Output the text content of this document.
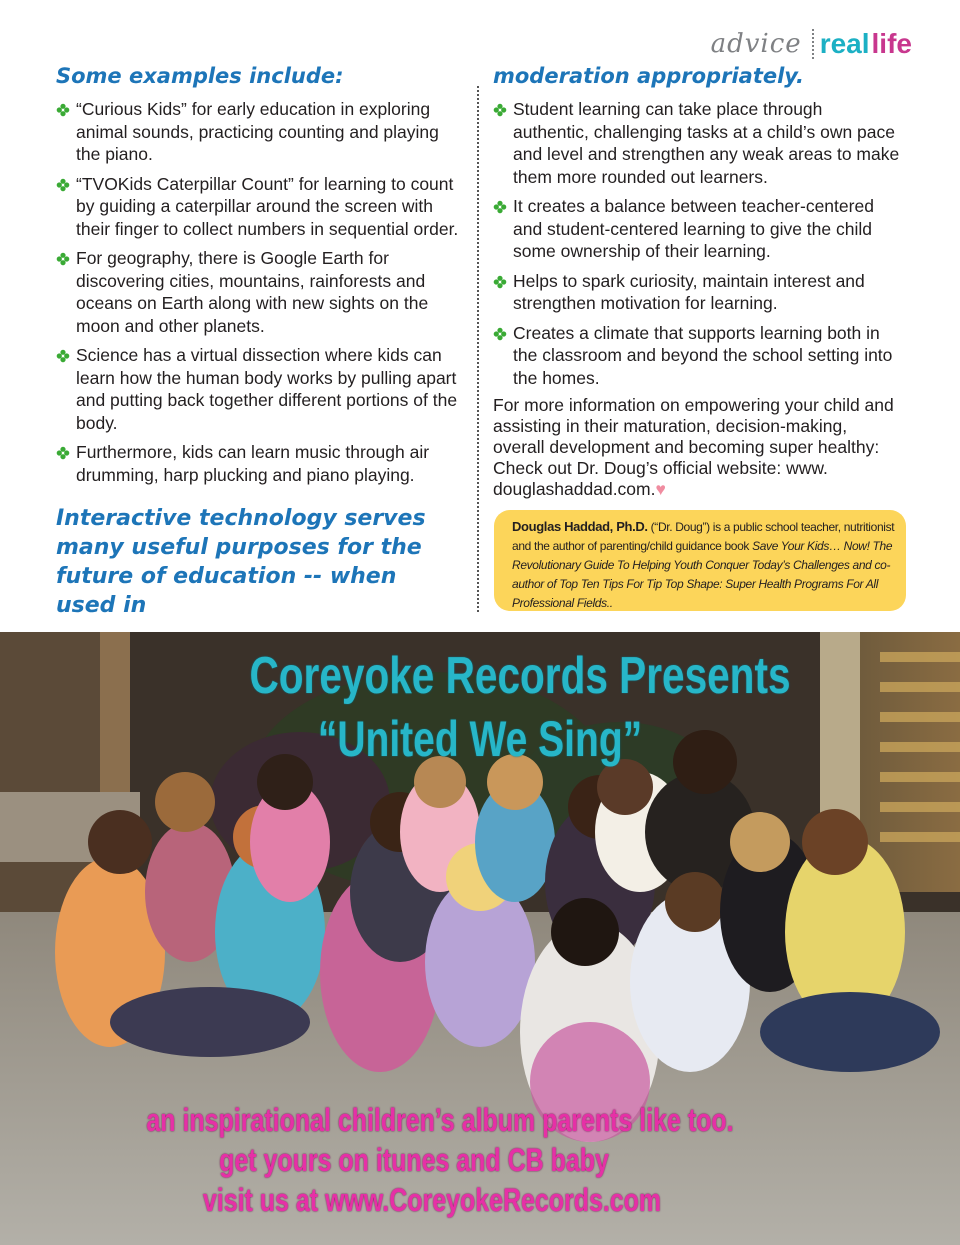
advice real life
Some examples include:
“Curious Kids” for early education in exploring animal sounds, practicing counting and playing the piano.
“TVOKids Caterpillar Count” for learning to count by guiding a caterpillar around the screen with their finger to collect numbers in sequential order.
For geography, there is Google Earth for discovering cities, mountains, rainforests and oceans on Earth along with new sights on the moon and other planets.
Science has a virtual dissection where kids can learn how the human body works by pulling apart and putting back together different portions of the body.
Furthermore, kids can learn music through air drumming, harp plucking and piano playing.
Interactive technology serves many useful purposes for the future of education -- when used in
moderation appropriately.
Student learning can take place through authentic, challenging tasks at a child’s own pace and level and strengthen any weak areas to make them more rounded out learners.
It creates a balance between teacher-centered and student-centered learning to give the child some ownership of their learning.
Helps to spark curiosity, maintain interest and strengthen motivation for learning.
Creates a climate that supports learning both in the classroom and beyond the school setting into the homes.

For more information on empowering your child and assisting in their maturation, decision-making, overall development and becoming super healthy: Check out Dr. Doug’s official website: www. douglashaddad.com.♥

Douglas Haddad, Ph.D. (“Dr. Doug”) is a public school teacher, nutritionist and the author of parenting/child guidance book Save Your Kids… Now! The Revolutionary Guide To Helping Youth Conquer Today’s Challenges and co-author of Top Ten Tips For Tip Top Shape: Super Health Programs For All Professional Fields..
Coreyoke Records Presents
“United We Sing”
an inspirational children’s album parents like too.
get yours on itunes and CB baby
visit us at www.CoreyokeRecords.com
